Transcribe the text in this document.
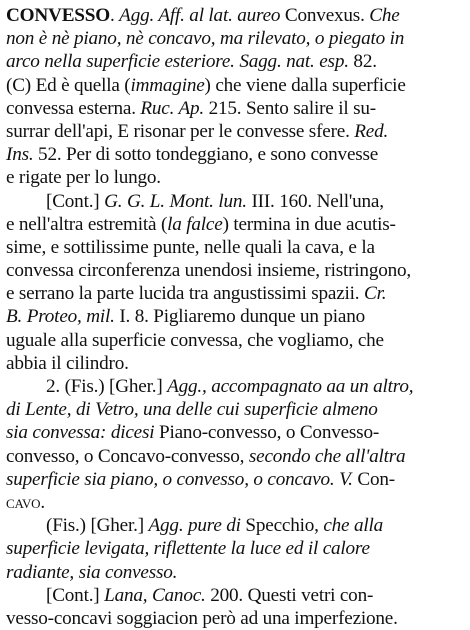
CONVESSO. Agg. Aff. al lat. aureo Convexus. Che
non è nè piano, nè concavo, ma rilevato, o piegato in
arco nella superficie esteriore. Sagg. nat. esp. 82.
(C) Ed è quella (immagine) che viene dalla superficie
convessa esterna. Ruc. Ap. 215. Sento salire il su-
surrar dell'api, E risonar per le convesse sfere. Red.
Ins. 52. Per di sotto tondeggiano, e sono convesse
e rigate per lo lungo.
[Cont.] G. G. L. Mont. lun. III. 160. Nell'una,
e nell'altra estremità (la falce) termina in due acutis-
sime, e sottilissime punte, nelle quali la cava, e la
convessa circonferenza unendosi insieme, ristringono,
e serrano la parte lucida tra angustissimi spazii. Cr.
B. Proteo, mil. I. 8. Pigliaremo dunque un piano
uguale alla superficie convessa, che vogliamo, che
abbia il cilindro.
2. (Fis.) [Gher.] Agg., accompagnato aa un altro,
di Lente, di Vetro, una delle cui superficie almeno
sia convessa: dicesi Piano-convesso, o Convesso-
convesso, o Concavo-convesso, secondo che all'altra
superficie sia piano, o convesso, o concavo. V. Con-
cavo.
(Fis.) [Gher.] Agg. pure di Specchio, che alla
superficie levigata, riflettente la luce ed il calore
radiante, sia convesso.
[Cont.] Lana, Canoc. 200. Questi vetri con-
vesso-concavi soggiacion però ad una imperfezione.
